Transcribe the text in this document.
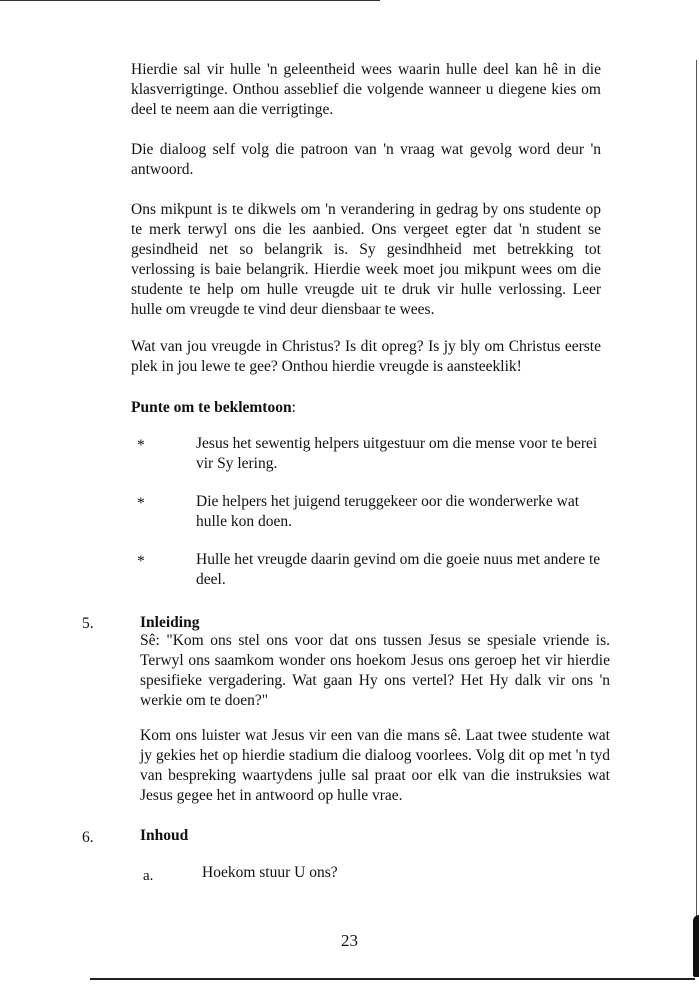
Hierdie sal vir hulle 'n geleentheid wees waarin hulle deel kan hê in die klasverrigtinge. Onthou asseblief die volgende wanneer u diegene kies om deel te neem aan die verrigtinge.

Die dialoog self volg die patroon van 'n vraag wat gevolg word deur 'n antwoord.

Ons mikpunt is te dikwels om 'n verandering in gedrag by ons studente op te merk terwyl ons die les aanbied. Ons vergeet egter dat 'n student se gesindheid net so belangrik is. Sy gesindhheid met betrekking tot verlossing is baie belangrik. Hierdie week moet jou mikpunt wees om die studente te help om hulle vreugde uit te druk vir hulle verlossing. Leer hulle om vreugde te vind deur diensbaar te wees.

Wat van jou vreugde in Christus? Is dit opreg? Is jy bly om Christus eerste plek in jou lewe te gee? Onthou hierdie vreugde is aansteeklik!

Punte om te beklemtoon:
*	Jesus het sewentig helpers uitgestuur om die mense voor te berei vir Sy lering.
*	Die helpers het juigend teruggekeer oor die wonderwerke wat hulle kon doen.
*	Hulle het vreugde daarin gevind om die goeie nuus met andere te deel.
5.	Inleiding

Sê: "Kom ons stel ons voor dat ons tussen Jesus se spesiale vriende is. Terwyl ons saamkom wonder ons hoekom Jesus ons geroep het vir hierdie spesifieke vergadering. Wat gaan Hy ons vertel? Het Hy dalk vir ons 'n werkie om te doen?"

Kom ons luister wat Jesus vir een van die mans sê. Laat twee studente wat jy gekies het op hierdie stadium die dialoog voorlees. Volg dit op met 'n tyd van bespreking waartydens julle sal praat oor elk van die instruksies wat Jesus gegee het in antwoord op hulle vrae.

6.	Inhoud
a.	Hoekom stuur U ons?
23
